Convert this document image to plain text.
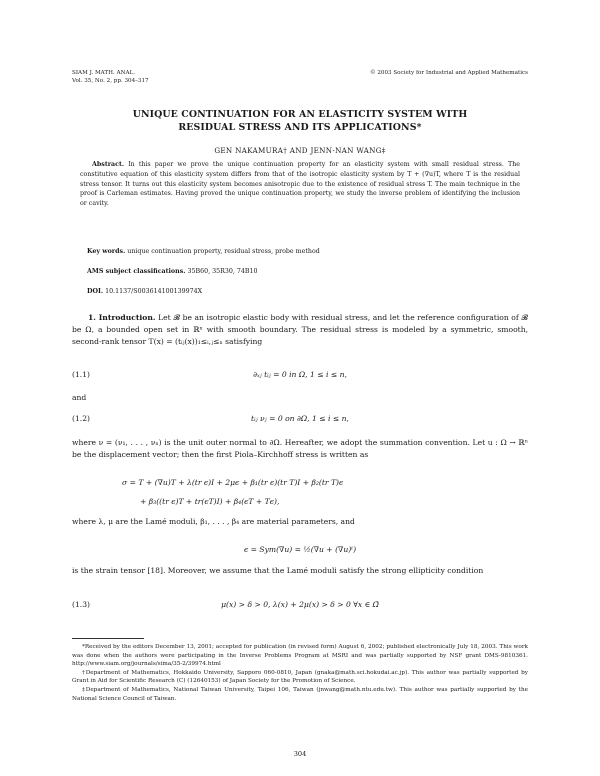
SIAM J. MATH. ANAL.
Vol. 35, No. 2, pp. 304–317
© 2003 Society for Industrial and Applied Mathematics
UNIQUE CONTINUATION FOR AN ELASTICITY SYSTEM WITH
RESIDUAL STRESS AND ITS APPLICATIONS*
GEN NAKAMURA† AND JENN-NAN WANG‡
Abstract. In this paper we prove the unique continuation property for an elasticity system with small residual stress. The constitutive equation of this elasticity system differs from that of the isotropic elasticity system by T + (∇u)T, where T is the residual stress tensor. It turns out this elasticity system becomes anisotropic due to the existence of residual stress T. The main technique in the proof is Carleman estimates. Having proved the unique continuation property, we study the inverse problem of identifying the inclusion or cavity.
Key words. unique continuation property, residual stress, probe method
AMS subject classifications. 35B60, 35R30, 74B10
DOI. 10.1137/S003614100139974X
1. Introduction. Let 𝓑 be an isotropic elastic body with residual stress, and let the reference configuration of 𝓑 be Ω, a bounded open set in ℝⁿ with smooth boundary. The residual stress is modeled by a symmetric, smooth, second-rank tensor T(x) = (tᵢⱼ(x))₁≤ᵢ,ⱼ≤ₙ satisfying
(1.1)	∂ₓⱼ tᵢⱼ = 0 in Ω, 1 ≤ i ≤ n,
and
(1.2)	tᵢⱼ νⱼ = 0 on ∂Ω, 1 ≤ i ≤ n,
where ν = (ν₁, . . . , νₙ) is the unit outer normal to ∂Ω. Hereafter, we adopt the summation convention. Let u : Ω → ℝⁿ be the displacement vector; then the first Piola–Kirchhoff stress is written as
σ = T + (∇u)T + λ(tr ϵ)I + 2μϵ + β₁(tr ϵ)(tr T)I + β₂(tr T)ϵ
+ β₃((tr ϵ)T + tr(ϵT)I) + β₄(ϵT + Tϵ),
where λ, μ are the Lamé moduli, β₁, . . . , β₄ are material parameters, and
ϵ = Sym(∇u) = ½(∇u + (∇u)ᵗ)
is the strain tensor [18]. Moreover, we assume that the Lamé moduli satisfy the strong ellipticity condition
(1.3)	μ(x) > δ > 0, λ(x) + 2μ(x) > δ > 0 ∀x ∈ Ω̄

*Received by the editors December 13, 2001; accepted for publication (in revised form) August 6, 2002; published electronically July 18, 2003. This work was done when the authors were participating in the Inverse Problems Program at MSRI and was partially supported by NSF grant DMS-9810361. http://www.siam.org/journals/sima/35-2/39974.html

†Department of Mathematics, Hokkaido University, Sapporo 060-0810, Japan (gnaka@math.sci.hokudai.ac.jp). This author was partially supported by Grant in Aid for Scientific Research (C) (12640153) of Japan Society for the Promotion of Science.

‡Department of Mathematics, National Taiwan University, Taipei 106, Taiwan (jnwang@math.ntu.edu.tw). This author was partially supported by the National Science Council of Taiwan.

304
